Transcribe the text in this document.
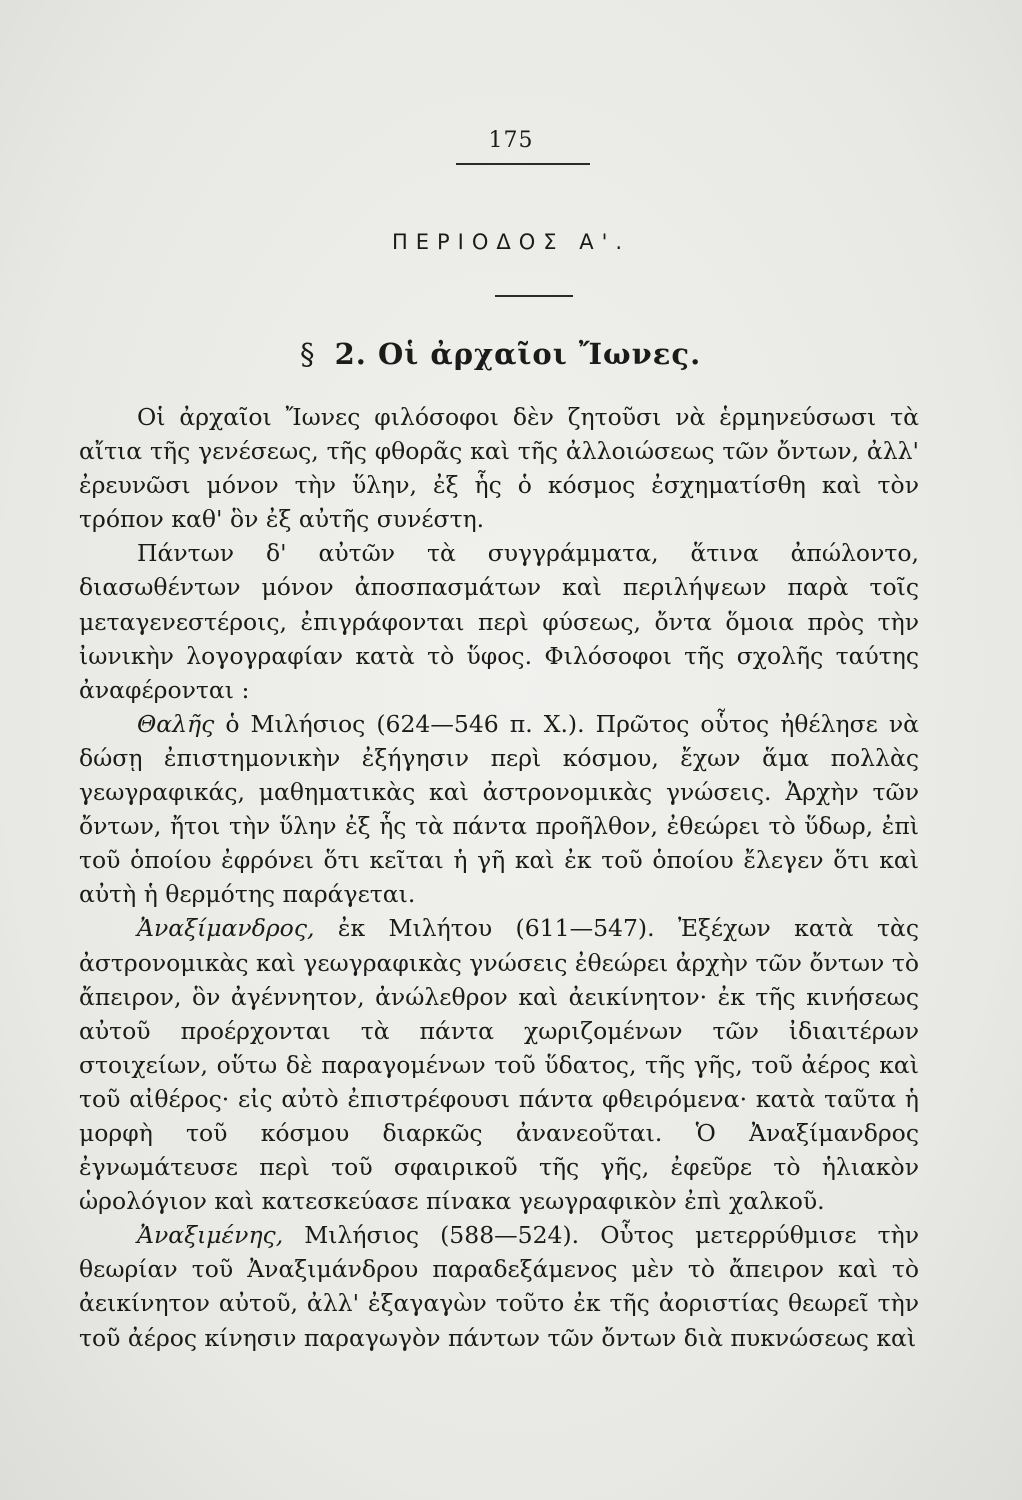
175
ΠΕΡΙΟΔΟΣ Α'.
§ 2. Οἱ ἀρχαῖοι Ἴωνες.

Οἱ ἀρχαῖοι Ἴωνες φιλόσοφοι δὲν ζητοῦσι νὰ ἑρμηνεύσωσι τὰ αἴτια τῆς γενέσεως, τῆς φθορᾶς καὶ τῆς ἀλλοιώσεως τῶν ὄντων, ἀλλ' ἐρευνῶσι μόνον τὴν ὕλην, ἐξ ἧς ὁ κόσμος ἐσχηματίσθη καὶ τὸν τρόπον καθ' ὃν ἐξ αὐτῆς συνέστη.

Πάντων δ' αὐτῶν τὰ συγγράμματα, ἅτινα ἀπώλοντο, διασωθέντων μόνον ἀποσπασμάτων καὶ περιλήψεων παρὰ τοῖς μεταγενεστέροις, ἐπιγράφονται περὶ φύσεως, ὄντα ὅμοια πρὸς τὴν ἰωνικὴν λογογραφίαν κατὰ τὸ ὕφος. Φιλόσοφοι τῆς σχολῆς ταύτης ἀναφέρονται :

Θαλῆς ὁ Μιλήσιος (624—546 π. Χ.). Πρῶτος οὗτος ἠθέλησε νὰ δώσῃ ἐπιστημονικὴν ἐξήγησιν περὶ κόσμου, ἔχων ἅμα πολλὰς γεωγραφικάς, μαθηματικὰς καὶ ἀστρονομικὰς γνώσεις. Ἀρχὴν τῶν ὄντων, ἤτοι τὴν ὕλην ἐξ ἧς τὰ πάντα προῆλθον, ἐθεώρει τὸ ὕδωρ, ἐπὶ τοῦ ὁποίου ἐφρόνει ὅτι κεῖται ἡ γῆ καὶ ἐκ τοῦ ὁποίου ἔλεγεν ὅτι καὶ αὐτὴ ἡ θερμότης παράγεται.

Ἀναξίμανδρος, ἐκ Μιλήτου (611—547). Ἐξέχων κατὰ τὰς ἀστρονομικὰς καὶ γεωγραφικὰς γνώσεις ἐθεώρει ἀρχὴν τῶν ὄντων τὸ ἄπειρον, ὃν ἀγέννητον, ἀνώλεθρον καὶ ἀεικίνητον· ἐκ τῆς κινήσεως αὐτοῦ προέρχονται τὰ πάντα χωριζομένων τῶν ἰδιαιτέρων στοιχείων, οὕτω δὲ παραγομένων τοῦ ὕδατος, τῆς γῆς, τοῦ ἀέρος καὶ τοῦ αἰθέρος· εἰς αὐτὸ ἐπιστρέφουσι πάντα φθειρόμενα· κατὰ ταῦτα ἡ μορφὴ τοῦ κόσμου διαρκῶς ἀνανεοῦται. Ὁ Ἀναξίμανδρος ἐγνωμάτευσε περὶ τοῦ σφαιρικοῦ τῆς γῆς, ἐφεῦρε τὸ ἡλιακὸν ὡρολόγιον καὶ κατεσκεύασε πίνακα γεωγραφικὸν ἐπὶ χαλκοῦ.

Ἀναξιμένης, Μιλήσιος (588—524). Οὗτος μετερρύθμισε τὴν θεωρίαν τοῦ Ἀναξιμάνδρου παραδεξάμενος μὲν τὸ ἄπειρον καὶ τὸ ἀεικίνητον αὐτοῦ, ἀλλ' ἐξαγαγὼν τοῦτο ἐκ τῆς ἀοριστίας θεωρεῖ τὴν τοῦ ἀέρος κίνησιν παραγωγὸν πάντων τῶν ὄντων διὰ πυκνώσεως καὶ
